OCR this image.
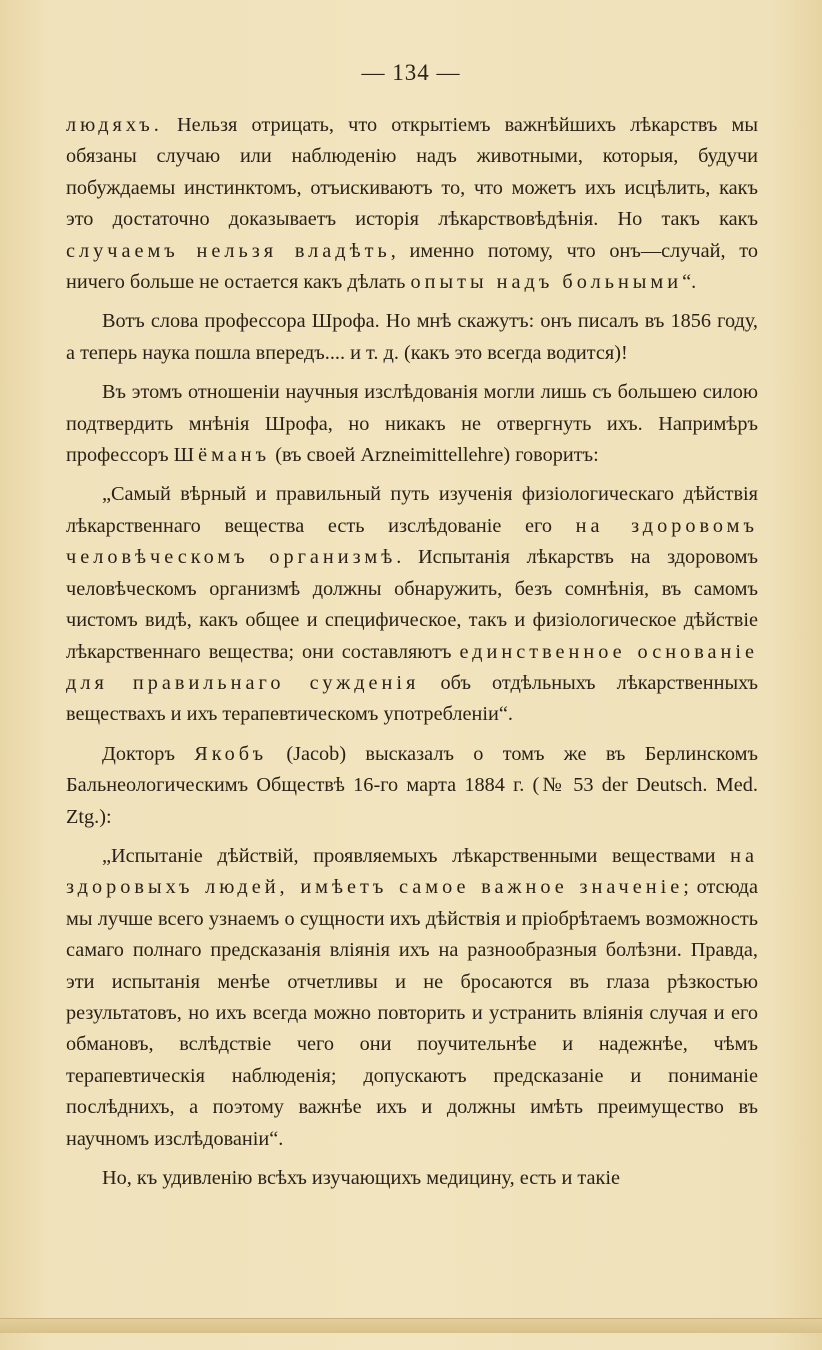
— 134 —

людяхъ. Нельзя отрицать, что открытіемъ важнѣйшихъ лѣкарствъ мы обязаны случаю или наблюденію надъ животными, которыя, будучи побуждаемы инстинктомъ, отъискиваютъ то, что можетъ ихъ исцѣлить, какъ это достаточно доказываетъ исторія лѣкарствовѣдѣнія. Но такъ какъ случаемъ нельзя владѣть, именно потому, что онъ—случай, то ничего больше не остается какъ дѣлать опыты надъ больными“.

Вотъ слова профессора Шрофа. Но мнѣ скажутъ: онъ писалъ въ 1856 году, а теперь наука пошла впередъ.... и т. д. (какъ это всегда водится)!

Въ этомъ отношеніи научныя изслѣдованія могли лишь съ большею силою подтвердить мнѣнія Шрофа, но никакъ не отвергнуть ихъ. Напримѣръ профессоръ Шёманъ (въ своей Arzneimittellehre) говоритъ:

„Самый вѣрный и правильный путь изученія физіологическаго дѣйствія лѣкарственнаго вещества есть изслѣдованіе его на здоровомъ человѣческомъ организмѣ. Испытанія лѣкарствъ на здоровомъ человѣческомъ организмѣ должны обнаружить, безъ сомнѣнія, въ самомъ чистомъ видѣ, какъ общее и специфическое, такъ и физіологическое дѣйствіе лѣкарственнаго вещества; они составляютъ единственное основаніе для правильнаго сужденія объ отдѣльныхъ лѣкарственныхъ веществахъ и ихъ терапевтическомъ употребленіи“.

Докторъ Якобъ (Jacob) высказалъ о томъ же въ Берлинскомъ Бальнеологическимъ Обществѣ 16-го марта 1884 г. (№ 53 der Deutsch. Med. Ztg.):

„Испытаніе дѣйствій, проявляемыхъ лѣкарственными веществами на здоровыхъ людей, имѣетъ самое важное значеніе; отсюда мы лучше всего узнаемъ о сущности ихъ дѣйствія и пріобрѣтаемъ возможность самаго полнаго предсказанія вліянія ихъ на разнообразныя болѣзни. Правда, эти испытанія менѣе отчетливы и не бросаются въ глаза рѣзкостью результатовъ, но ихъ всегда можно повторить и устранить вліянія случая и его обмановъ, вслѣдствіе чего они поучительнѣе и надежнѣе, чѣмъ терапевтическія наблюденія; допускаютъ предсказаніе и пониманіе послѣднихъ, а поэтому важнѣе ихъ и должны имѣть преимущество въ научномъ изслѣдованіи“.

Но, къ удивленію всѣхъ изучающихъ медицину, есть и такіе
